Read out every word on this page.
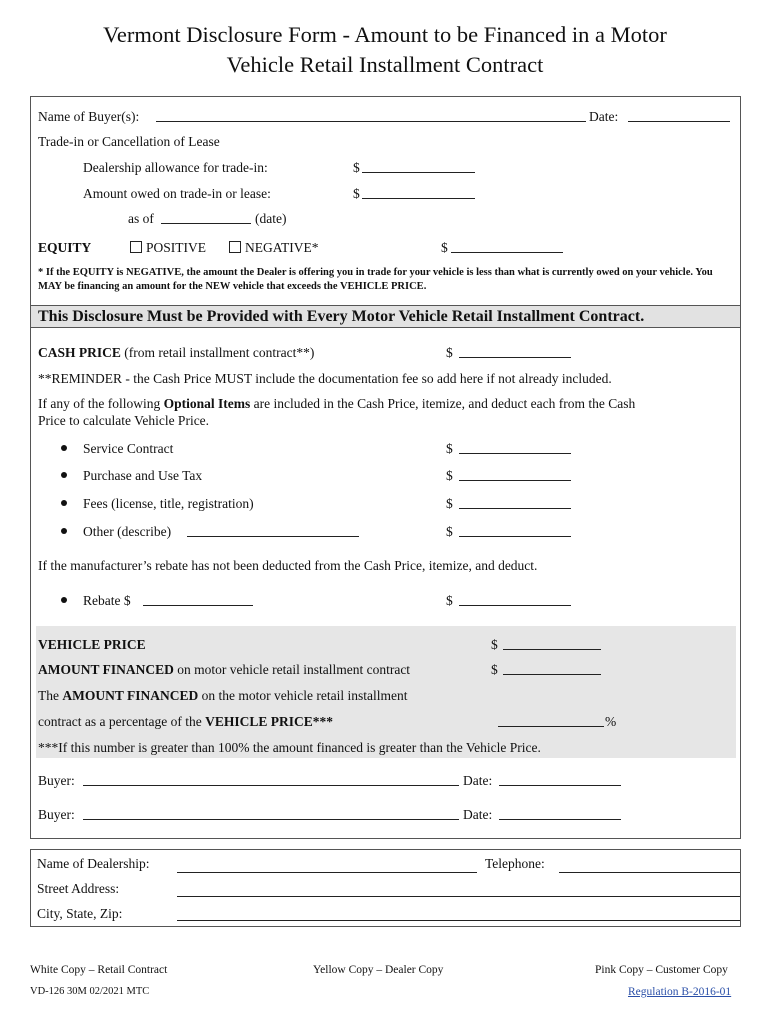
Vermont Disclosure Form - Amount to be Financed in a Motor
Vehicle Retail Installment Contract
Name of Buyer(s):	Date:
Trade-in or Cancellation of Lease
Dealership allowance for trade-in:	$
Amount owed on trade-in or lease:	$
as of	(date)
EQUITY	POSITIVE	NEGATIVE*	$
* If the EQUITY is NEGATIVE, the amount the Dealer is offering you in trade for your vehicle is less than what is currently owed on your vehicle. You MAY be financing an amount for the NEW vehicle that exceeds the VEHICLE PRICE.
This Disclosure Must be Provided with Every Motor Vehicle Retail Installment Contract.
CASH PRICE (from retail installment contract**)	$
**REMINDER - the Cash Price MUST include the documentation fee so add here if not already included.
If any of the following Optional Items are included in the Cash Price, itemize, and deduct each from the Cash
Price to calculate Vehicle Price.
Service Contract	$
Purchase and Use Tax	$
Fees (license, title, registration)	$
Other (describe)	$
If the manufacturer’s rebate has not been deducted from the Cash Price, itemize, and deduct.
Rebate $	$
VEHICLE PRICE	$
AMOUNT FINANCED on motor vehicle retail installment contract	$
The AMOUNT FINANCED on the motor vehicle retail installment
contract as a percentage of the VEHICLE PRICE***	%
***If this number is greater than 100% the amount financed is greater than the Vehicle Price.
Buyer:	Date:
Buyer:	Date:
Name of Dealership:	Telephone:
Street Address:
City, State, Zip:
White Copy – Retail Contract	Yellow Copy – Dealer Copy	Pink Copy – Customer Copy
VD-126 30M 02/2021 MTC	Regulation B-2016-01
